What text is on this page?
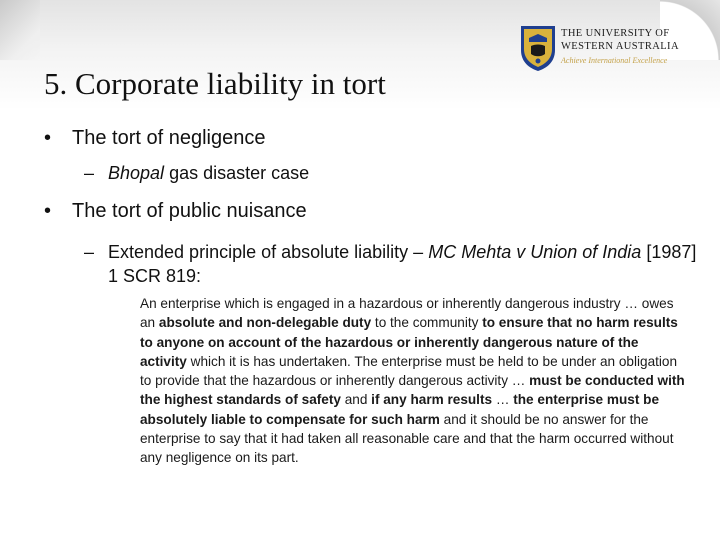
5. Corporate liability in tort
THE UNIVERSITY OF
WESTERN AUSTRALIA
Achieve International Excellence
• The tort of negligence
– Bhopal gas disaster case
• The tort of public nuisance
– Extended principle of absolute liability – MC Mehta v Union of India [1987] 1 SCR 819:

An enterprise which is engaged in a hazardous or inherently dangerous industry … owes an absolute and non-delegable duty to the community to ensure that no harm results to anyone on account of the hazardous or inherently dangerous nature of the activity which it is has undertaken. The enterprise must be held to be under an obligation to provide that the hazardous or inherently dangerous activity … must be conducted with the highest standards of safety and if any harm results … the enterprise must be absolutely liable to compensate for such harm and it should be no answer for the enterprise to say that it had taken all reasonable care and that the harm occurred without any negligence on its part.
